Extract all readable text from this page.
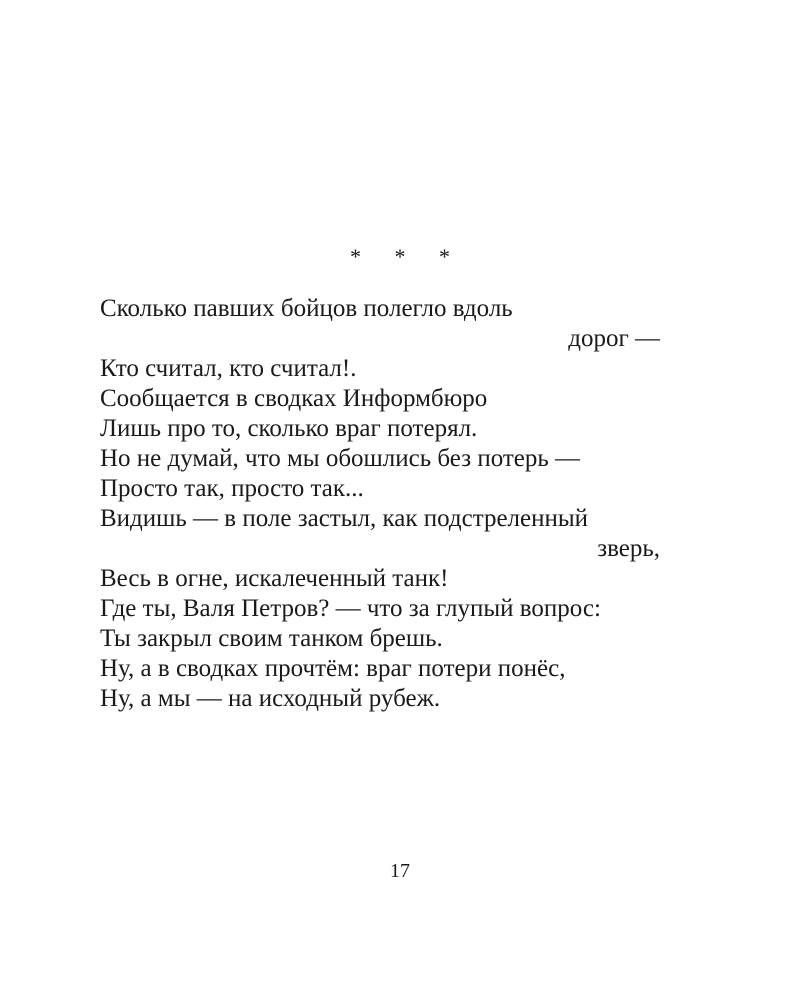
* * *
Сколько павших бойцов полегло вдоль
дорог —
Кто считал, кто считал!.
Сообщается в сводках Информбюро
Лишь про то, сколько враг потерял.
Но не думай, что мы обошлись без потерь —
Просто так, просто так...
Видишь — в поле застыл, как подстреленный
зверь,
Весь в огне, искалеченный танк!
Где ты, Валя Петров? — что за глупый вопрос:
Ты закрыл своим танком брешь.
Ну, а в сводках прочтём: враг потери понёс,
Ну, а мы — на исходный рубеж.
17
